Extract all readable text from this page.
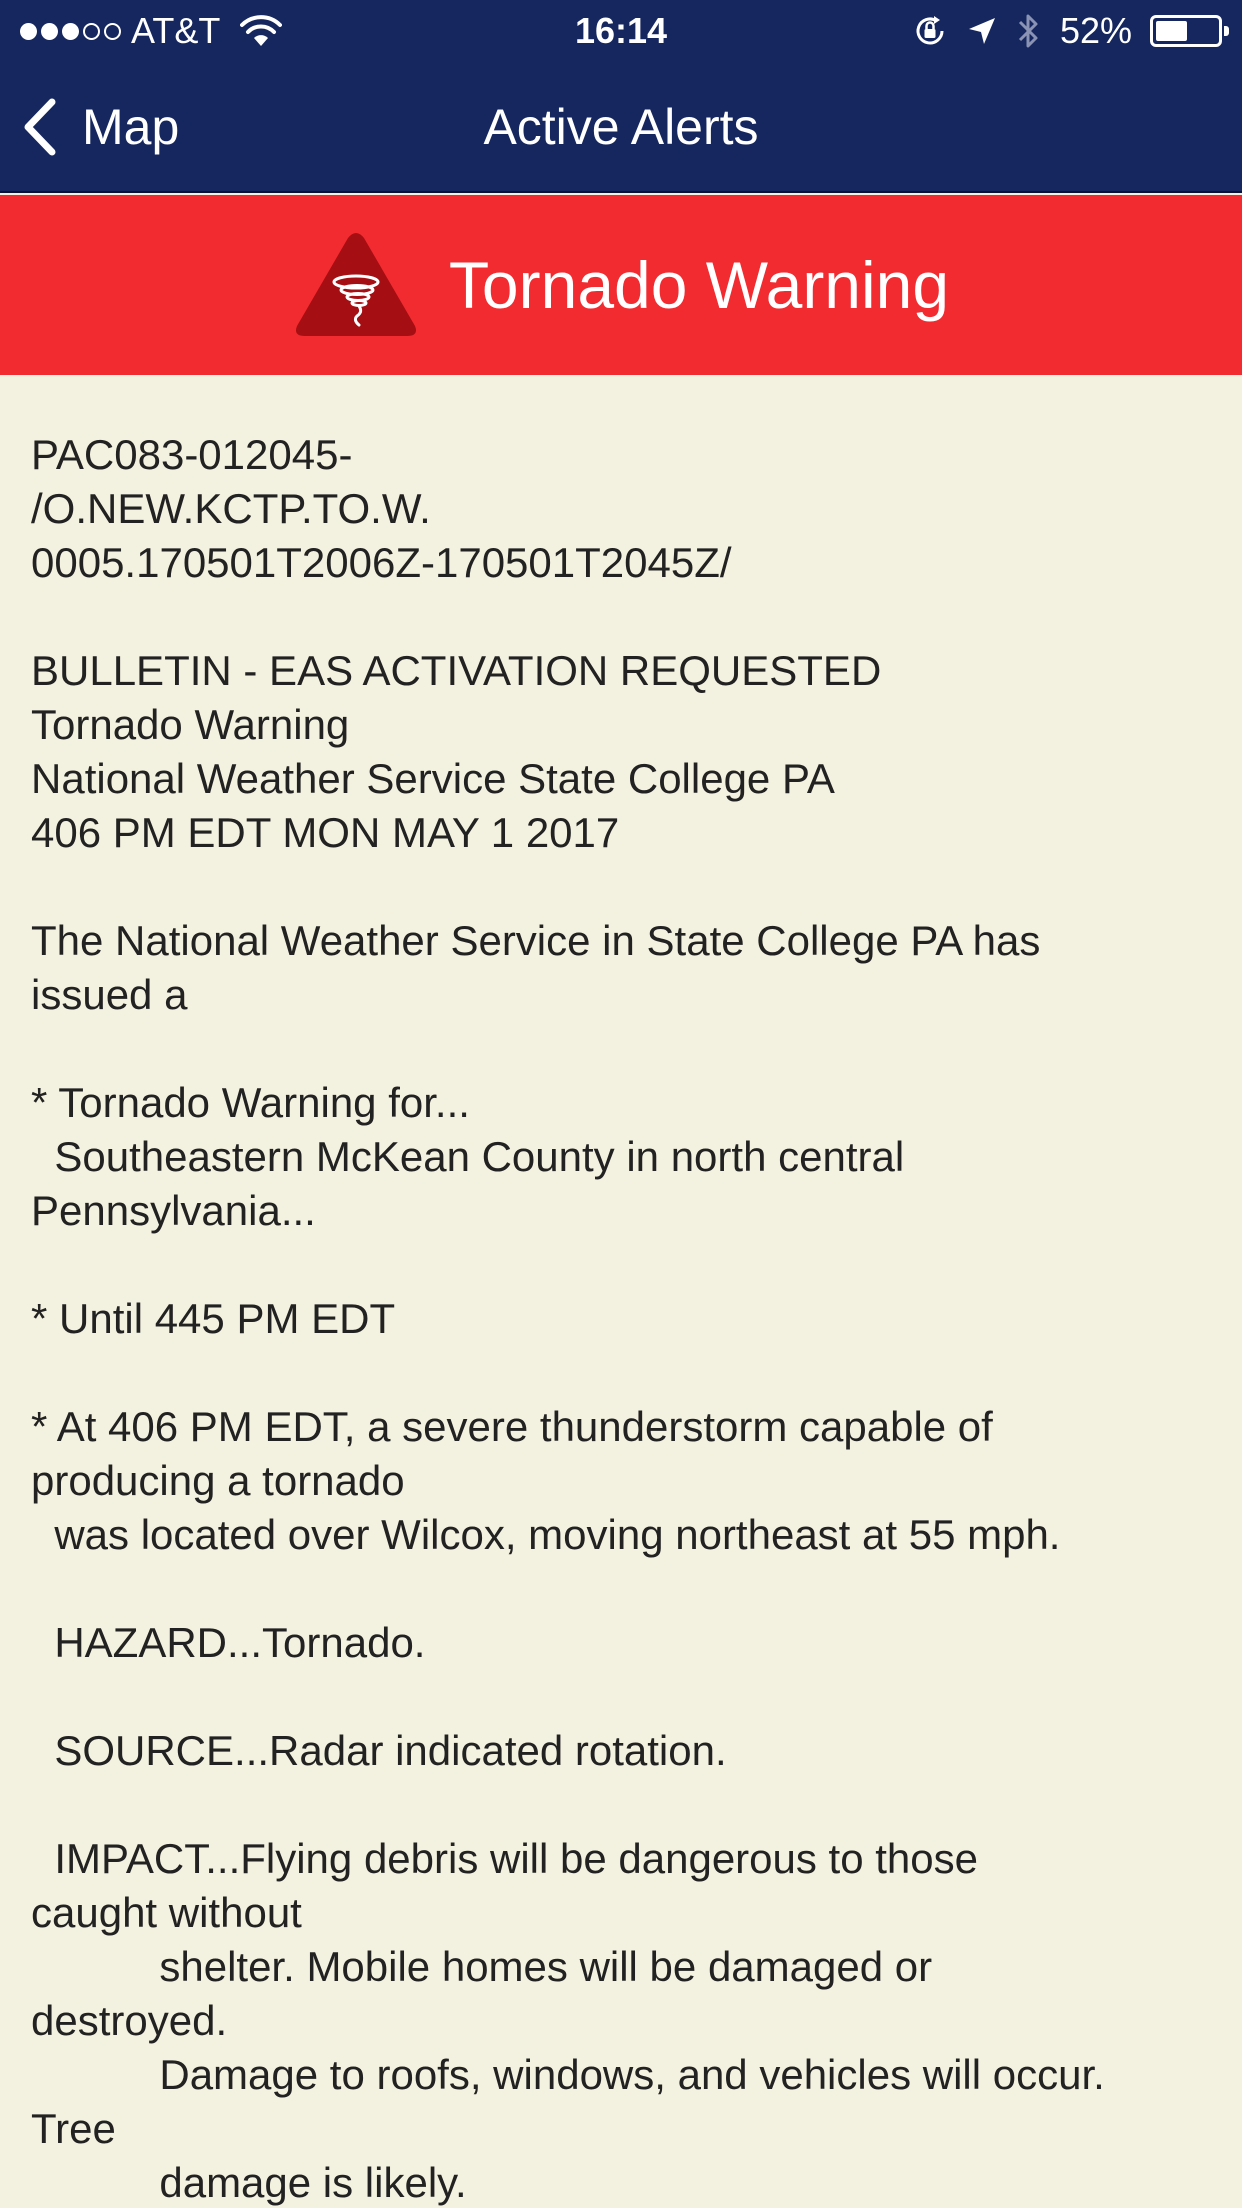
AT&T	16:14	52%
Map	Active Alerts
Tornado Warning
PAC083-012045-
/O.NEW.KCTP.TO.W.
0005.170501T2006Z-170501T2045Z/

BULLETIN - EAS ACTIVATION REQUESTED
Tornado Warning
National Weather Service State College PA
406 PM EDT MON MAY 1 2017

The National Weather Service in State College PA has
issued a

* Tornado Warning for...
Southeastern McKean County in north central
Pennsylvania...

* Until 445 PM EDT

* At 406 PM EDT, a severe thunderstorm capable of
producing a tornado
was located over Wilcox, moving northeast at 55 mph.

HAZARD...Tornado.

SOURCE...Radar indicated rotation.

IMPACT...Flying debris will be dangerous to those
caught without
shelter. Mobile homes will be damaged or
destroyed.
Damage to roofs, windows, and vehicles will occur.
Tree
damage is likely.
